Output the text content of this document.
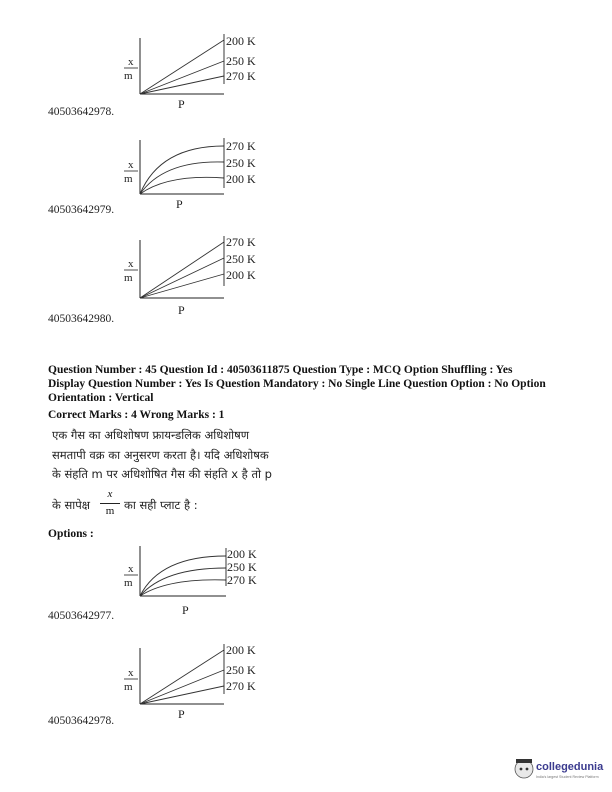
x
m
200 K
250 K
270 K
P
40503642978.
x
m
270 K
250 K
200 K
P
40503642979.
x
m
270 K
250 K
200 K
P
40503642980.
Question Number : 45 Question Id : 40503611875 Question Type : MCQ Option Shuffling : Yes
Display Question Number : Yes Is Question Mandatory : No Single Line Question Option : No Option
Orientation : Vertical
Correct Marks : 4 Wrong Marks : 1
एक गैस का अधिशोषण फ्रायन्डलिक अधिशोषण
समतापी वक्र का अनुसरण करता है। यदि अधिशोषक
के संहति m पर अधिशोषित गैस की संहति x है तो p
के सापेक्ष
x
m का सही प्लाट है :
Options :
x
m
200 K
250 K
270 K
P
40503642977.
x
m
200 K
250 K
270 K
P
40503642978.
collegedunia
India's largest Student Review Platform
